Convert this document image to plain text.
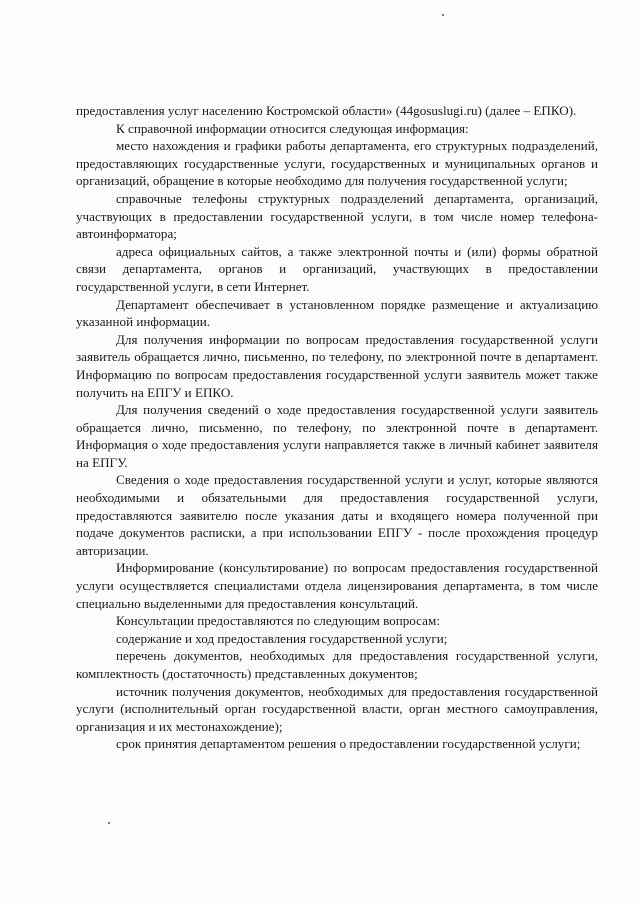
предоставления услуг населению Костромской области» (44gosuslugi.ru) (далее – ЕПКО).

К справочной информации относится следующая информация:

место нахождения и графики работы департамента, его структурных подразделений, предоставляющих государственные услуги, государственных и муниципальных органов и организаций, обращение в которые необходимо для получения государственной услуги;

справочные телефоны структурных подразделений департамента, организаций, участвующих в предоставлении государственной услуги, в том числе номер телефона-автоинформатора;

адреса официальных сайтов, а также электронной почты и (или) формы обратной связи департамента, органов и организаций, участвующих в предоставлении государственной услуги, в сети Интернет.

Департамент обеспечивает в установленном порядке размещение и актуализацию указанной информации.

Для получения информации по вопросам предоставления государственной услуги заявитель обращается лично, письменно, по телефону, по электронной почте в департамент. Информацию по вопросам предоставления государственной услуги заявитель может также получить на ЕПГУ и ЕПКО.

Для получения сведений о ходе предоставления государственной услуги заявитель обращается лично, письменно, по телефону, по электронной почте в департамент. Информация о ходе предоставления услуги направляется также в личный кабинет заявителя на ЕПГУ.

Сведения о ходе предоставления государственной услуги и услуг, которые являются необходимыми и обязательными для предоставления государственной услуги, предоставляются заявителю после указания даты и входящего номера полученной при подаче документов расписки, а при использовании ЕПГУ - после прохождения процедур авторизации.

Информирование (консультирование) по вопросам предоставления государственной услуги осуществляется специалистами отдела лицензирования департамента, в том числе специально выделенными для предоставления консультаций.

Консультации предоставляются по следующим вопросам:

содержание и ход предоставления государственной услуги;

перечень документов, необходимых для предоставления государственной услуги, комплектность (достаточность) представленных документов;

источник получения документов, необходимых для предоставления государственной услуги (исполнительный орган государственной власти, орган местного самоуправления, организация и их местонахождение);

срок принятия департаментом решения о предоставлении государственной услуги;
